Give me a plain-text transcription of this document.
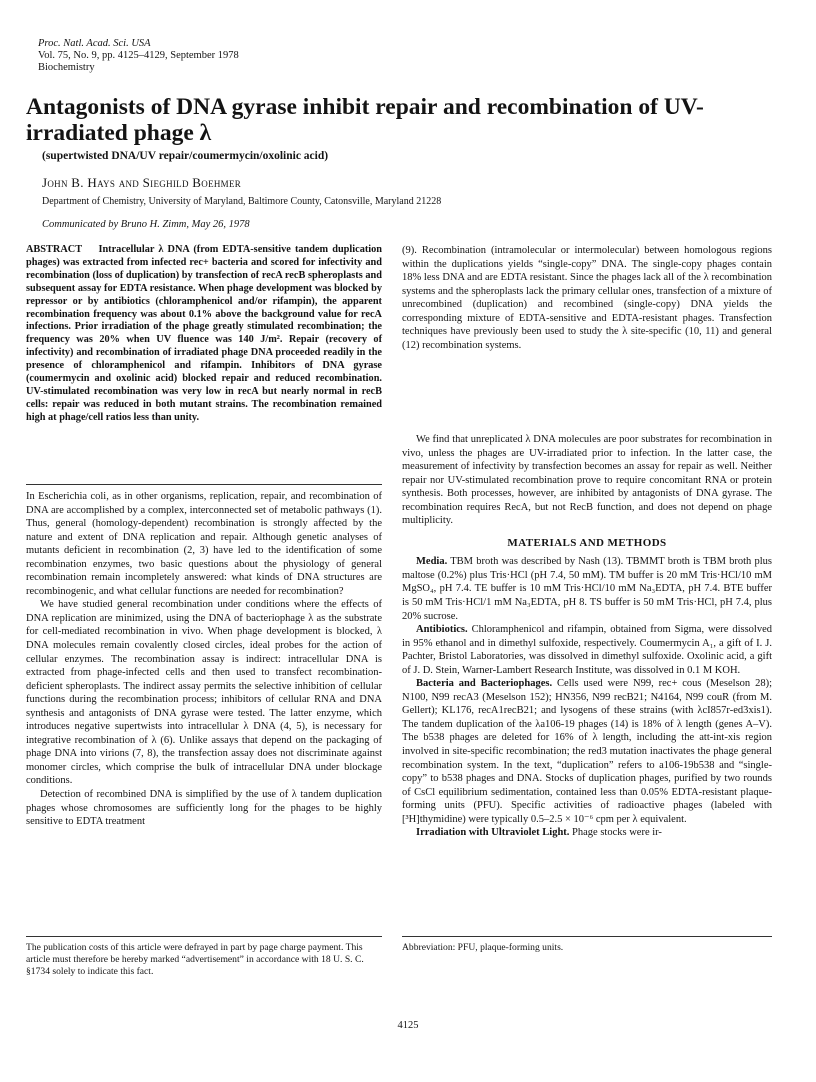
Proc. Natl. Acad. Sci. USA
Vol. 75, No. 9, pp. 4125–4129, September 1978
Biochemistry
Antagonists of DNA gyrase inhibit repair and recombination of UV-irradiated phage λ
(supertwisted DNA/UV repair/coumermycin/oxolinic acid)
John B. Hays and Sieghild Boehmer
Department of Chemistry, University of Maryland, Baltimore County, Catonsville, Maryland 21228
Communicated by Bruno H. Zimm, May 26, 1978

ABSTRACT Intracellular λ DNA (from EDTA-sensitive tandem duplication phages) was extracted from infected rec+ bacteria and scored for infectivity and recombination (loss of duplication) by transfection of recA recB spheroplasts and subsequent assay for EDTA resistance. When phage development was blocked by repressor or by antibiotics (chloramphenicol and/or rifampin), the apparent recombination frequency was about 0.1% above the background value for recA infections. Prior irradiation of the phage greatly stimulated recombination; the frequency was 20% when UV fluence was 140 J/m². Repair (recovery of infectivity) and recombination of irradiated phage DNA proceeded readily in the presence of chloramphenicol and rifampin. Inhibitors of DNA gyrase (coumermycin and oxolinic acid) blocked repair and reduced recombination. UV-stimulated recombination was very low in recA but nearly normal in recB cells: repair was reduced in both mutant strains. The recombination remained high at phage/cell ratios less than unity.

In Escherichia coli, as in other organisms, replication, repair, and recombination of DNA are accomplished by a complex, interconnected set of metabolic pathways (1). Thus, general (homology-dependent) recombination is strongly affected by the nature and extent of DNA replication and repair. Although genetic analyses of mutants deficient in recombination (2, 3) have led to the identification of some recombination enzymes, two basic questions about the physiology of general recombination remain incompletely answered: what kinds of DNA structures are recombinogenic, and what cellular functions are needed for recombination?

We have studied general recombination under conditions where the effects of DNA replication are minimized, using the DNA of bacteriophage λ as the substrate for cell-mediated recombination in vivo. When phage development is blocked, λ DNA molecules remain covalently closed circles, ideal probes for the action of cellular enzymes. The recombination assay is indirect: intracellular DNA is extracted from phage-infected cells and then used to transfect recombination-deficient spheroplasts. The indirect assay permits the selective inhibition of cellular functions during the recombination process; inhibitors of cellular RNA and DNA synthesis and antagonists of DNA gyrase were tested. The latter enzyme, which introduces negative supertwists into intracellular λ DNA (4, 5), is necessary for integrative recombination of λ (6). Unlike assays that depend on the packaging of phage DNA into virions (7, 8), the transfection assay does not discriminate against monomer circles, which comprise the bulk of intracellular DNA under blockage conditions.

Detection of recombined DNA is simplified by the use of λ tandem duplication phages whose chromosomes are sufficiently long for the phages to be highly sensitive to EDTA treatment

The publication costs of this article were defrayed in part by page charge payment. This article must therefore be hereby marked “advertisement” in accordance with 18 U. S. C. §1734 solely to indicate this fact.

(9). Recombination (intramolecular or intermolecular) between homologous regions within the duplications yields “single-copy” DNA. The single-copy phages contain 18% less DNA and are EDTA resistant. Since the phages lack all of the λ recombination systems and the spheroplasts lack the primary cellular ones, transfection of a mixture of unrecombined (duplication) and recombined (single-copy) DNA yields the corresponding mixture of EDTA-sensitive and EDTA-resistant phages. Transfection techniques have previously been used to study the λ site-specific (10, 11) and general (12) recombination systems.

We find that unreplicated λ DNA molecules are poor substrates for recombination in vivo, unless the phages are UV-irradiated prior to infection. In the latter case, the measurement of infectivity by transfection becomes an assay for repair as well. Neither repair nor UV-stimulated recombination prove to require concomitant RNA or protein synthesis. Both processes, however, are inhibited by antagonists of DNA gyrase. The recombination requires RecA, but not RecB function, and does not depend on phage multiplicity.

MATERIALS AND METHODS

Media. TBM broth was described by Nash (13). TBMMT broth is TBM broth plus maltose (0.2%) plus Tris·HCl (pH 7.4, 50 mM). TM buffer is 20 mM Tris·HCl/10 mM MgSO₄, pH 7.4. TE buffer is 10 mM Tris·HCl/10 mM Na₃EDTA, pH 7.4. BTE buffer is 50 mM Tris·HCl/1 mM Na₃EDTA, pH 8. TS buffer is 50 mM Tris·HCl, pH 7.4, plus 20% sucrose.

Antibiotics. Chloramphenicol and rifampin, obtained from Sigma, were dissolved in 95% ethanol and in dimethyl sulfoxide, respectively. Coumermycin A₁, a gift of I. J. Pachter, Bristol Laboratories, was dissolved in dimethyl sulfoxide. Oxolinic acid, a gift of J. D. Stein, Warner-Lambert Research Institute, was dissolved in 0.1 M KOH.

Bacteria and Bacteriophages. Cells used were N99, rec+ cous (Meselson 28); N100, N99 recA3 (Meselson 152); HN356, N99 recB21; N4164, N99 couR (from M. Gellert); KL176, recA1recB21; and lysogens of these strains (with λcI857r-ed3xis1). The tandem duplication of the λa106-19 phages (14) is 18% of λ length (genes A–V). The b538 phages are deleted for 16% of λ length, including the att-int-xis region involved in site-specific recombination; the red3 mutation inactivates the phage general recombination system. In the text, “duplication” refers to a106-19b538 and “single-copy” to b538 phages and DNA. Stocks of duplication phages, purified by two rounds of CsCl equilibrium sedimentation, contained less than 0.05% EDTA-resistant plaque-forming units (PFU). Specific activities of radioactive phages (labeled with [³H]thymidine) were typically 0.5–2.5 × 10⁻⁶ cpm per λ equivalent.

Irradiation with Ultraviolet Light. Phage stocks were ir-

Abbreviation: PFU, plaque-forming units.
4125
